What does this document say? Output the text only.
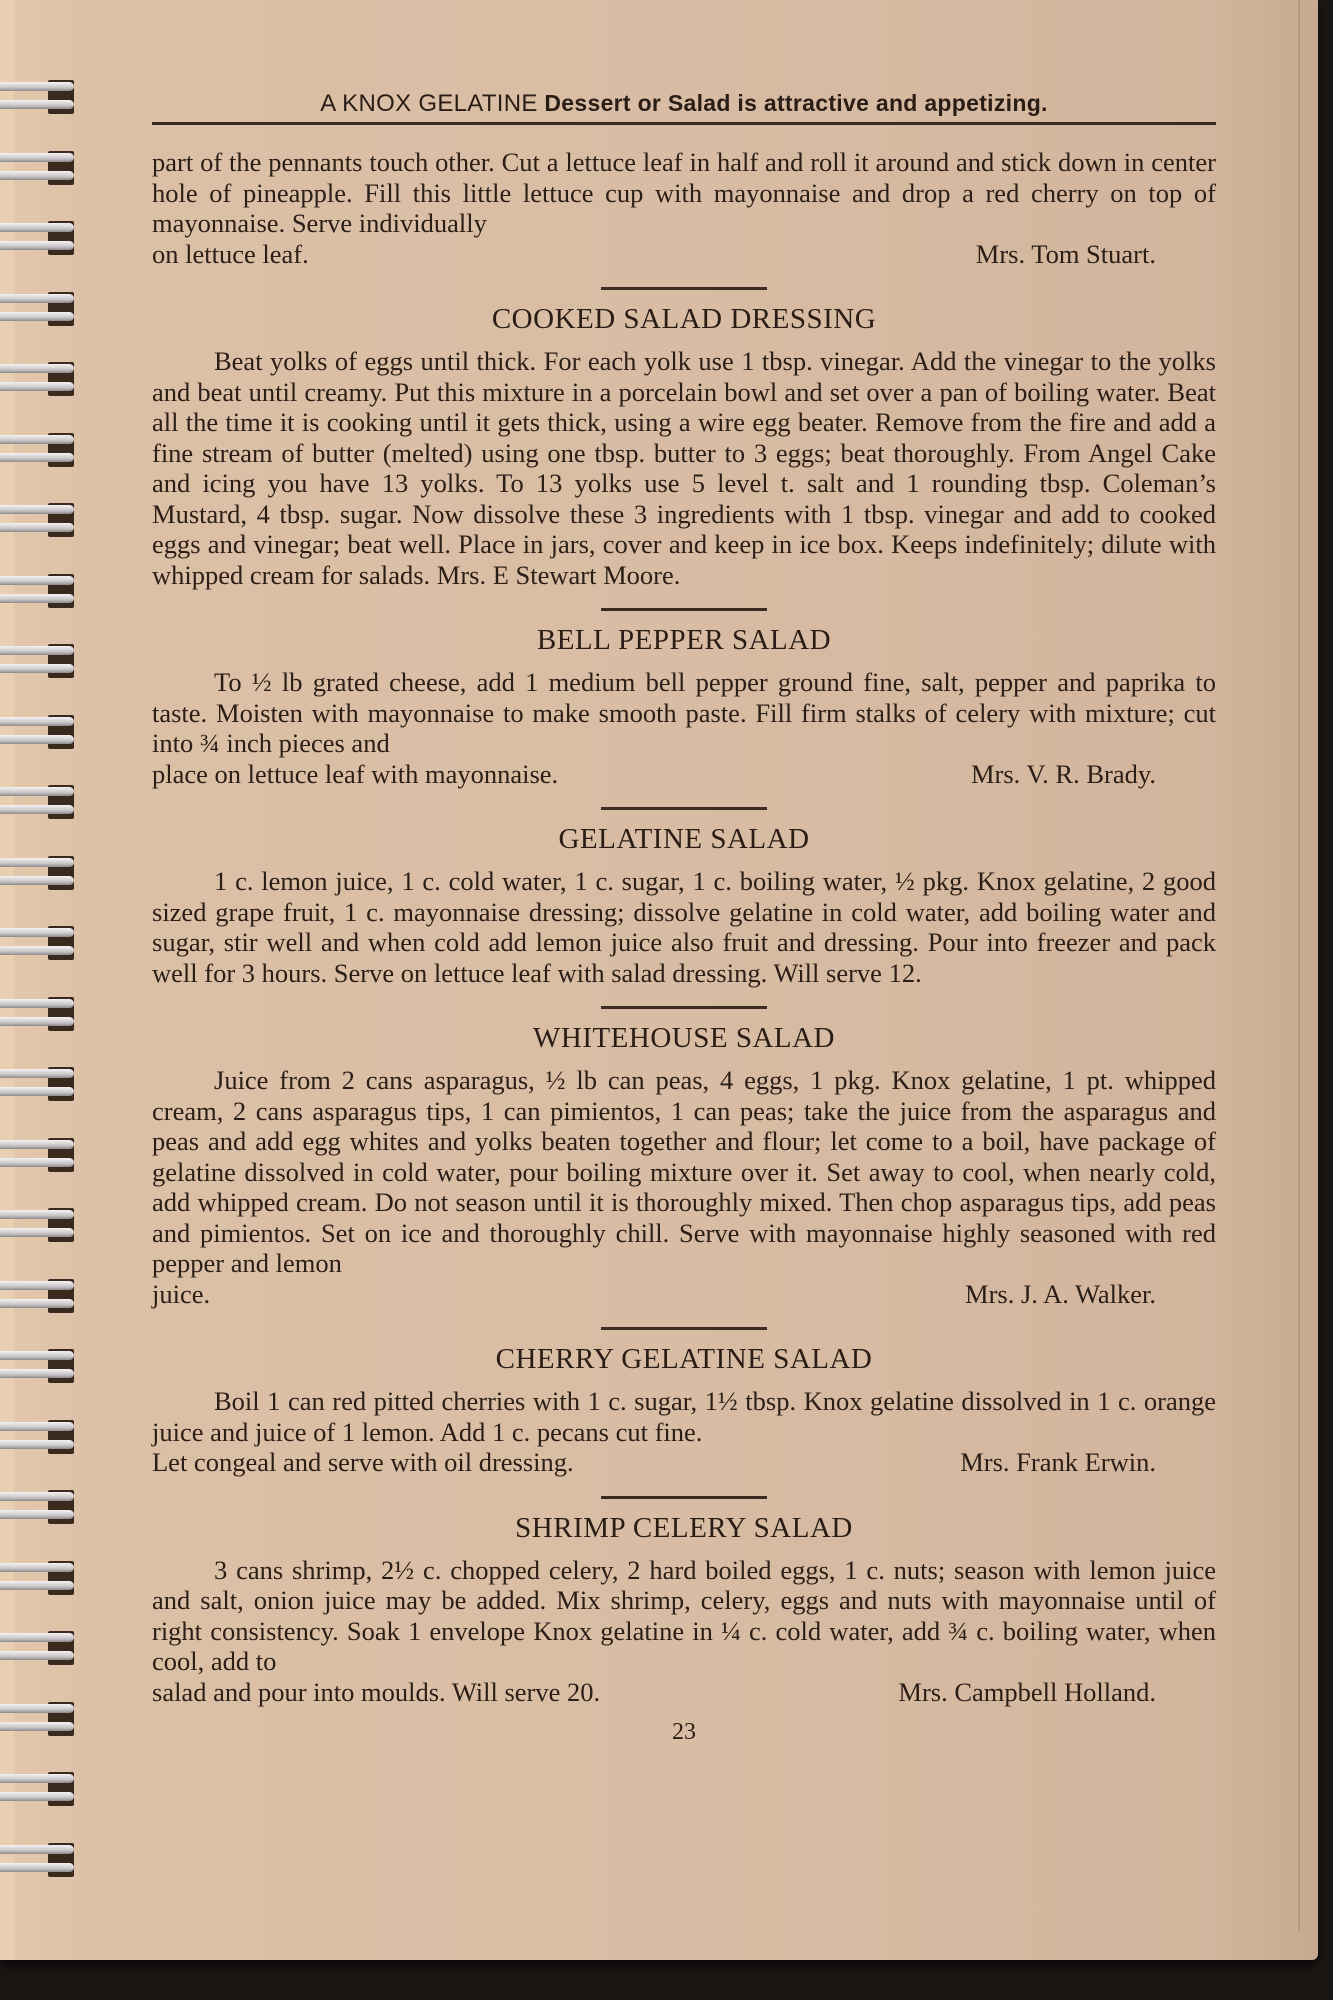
A KNOX GELATINE Dessert or Salad is attractive and appetizing.

part of the pennants touch other. Cut a lettuce leaf in half and roll it around and stick down in center hole of pineapple. Fill this little lettuce cup with mayonnaise and drop a red cherry on top of mayonnaise. Serve individually

on lettuce leaf.	Mrs. Tom Stuart.

COOKED SALAD DRESSING

Beat yolks of eggs until thick. For each yolk use 1 tbsp. vinegar. Add the vinegar to the yolks and beat until creamy. Put this mixture in a porcelain bowl and set over a pan of boiling water. Beat all the time it is cooking until it gets thick, using a wire egg beater. Remove from the fire and add a fine stream of butter (melted) using one tbsp. butter to 3 eggs; beat thoroughly. From Angel Cake and icing you have 13 yolks. To 13 yolks use 5 level t. salt and 1 rounding tbsp. Coleman’s Mustard, 4 tbsp. sugar. Now dissolve these 3 ingredients with 1 tbsp. vinegar and add to cooked eggs and vinegar; beat well. Place in jars, cover and keep in ice box. Keeps indefinitely; dilute with whipped cream for salads. Mrs. E Stewart Moore.

BELL PEPPER SALAD

To ½ lb grated cheese, add 1 medium bell pepper ground fine, salt, pepper and paprika to taste. Moisten with mayonnaise to make smooth paste. Fill firm stalks of celery with mixture; cut into ¾ inch pieces and

place on lettuce leaf with mayonnaise.	Mrs. V. R. Brady.

GELATINE SALAD

1 c. lemon juice, 1 c. cold water, 1 c. sugar, 1 c. boiling water, ½ pkg. Knox gelatine, 2 good sized grape fruit, 1 c. mayonnaise dressing; dissolve gelatine in cold water, add boiling water and sugar, stir well and when cold add lemon juice also fruit and dressing. Pour into freezer and pack well for 3 hours. Serve on lettuce leaf with salad dressing. Will serve 12.

WHITEHOUSE SALAD

Juice from 2 cans asparagus, ½ lb can peas, 4 eggs, 1 pkg. Knox gelatine, 1 pt. whipped cream, 2 cans asparagus tips, 1 can pimientos, 1 can peas; take the juice from the asparagus and peas and add egg whites and yolks beaten together and flour; let come to a boil, have package of gelatine dissolved in cold water, pour boiling mixture over it. Set away to cool, when nearly cold, add whipped cream. Do not season until it is thoroughly mixed. Then chop asparagus tips, add peas and pimientos. Set on ice and thoroughly chill. Serve with mayonnaise highly seasoned with red pepper and lemon

juice.	Mrs. J. A. Walker.

CHERRY GELATINE SALAD

Boil 1 can red pitted cherries with 1 c. sugar, 1½ tbsp. Knox gelatine dissolved in 1 c. orange juice and juice of 1 lemon. Add 1 c. pecans cut fine.

Let congeal and serve with oil dressing.	Mrs. Frank Erwin.

SHRIMP CELERY SALAD

3 cans shrimp, 2½ c. chopped celery, 2 hard boiled eggs, 1 c. nuts; season with lemon juice and salt, onion juice may be added. Mix shrimp, celery, eggs and nuts with mayonnaise until of right consistency. Soak 1 envelope Knox gelatine in ¼ c. cold water, add ¾ c. boiling water, when cool, add to

salad and pour into moulds. Will serve 20.	Mrs. Campbell Holland.

23
